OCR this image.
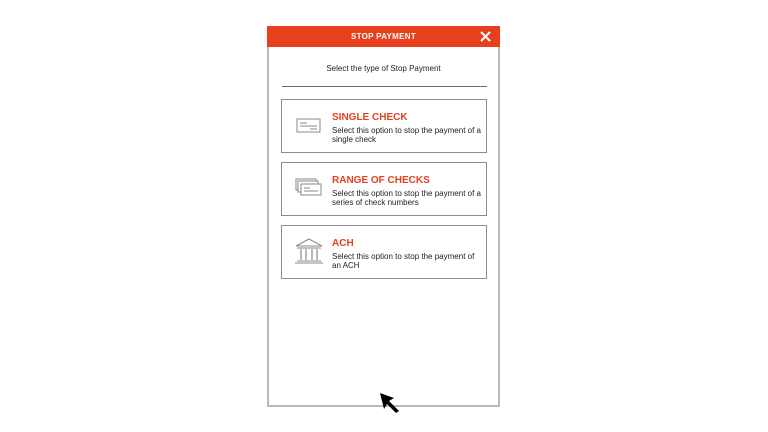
STOP PAYMENT
Select the type of Stop Payment
SINGLE CHECK
Select this option to stop the payment of a single check
RANGE OF CHECKS
Select this option to stop the payment of a series of check numbers
ACH
Select this option to stop the payment of an ACH
